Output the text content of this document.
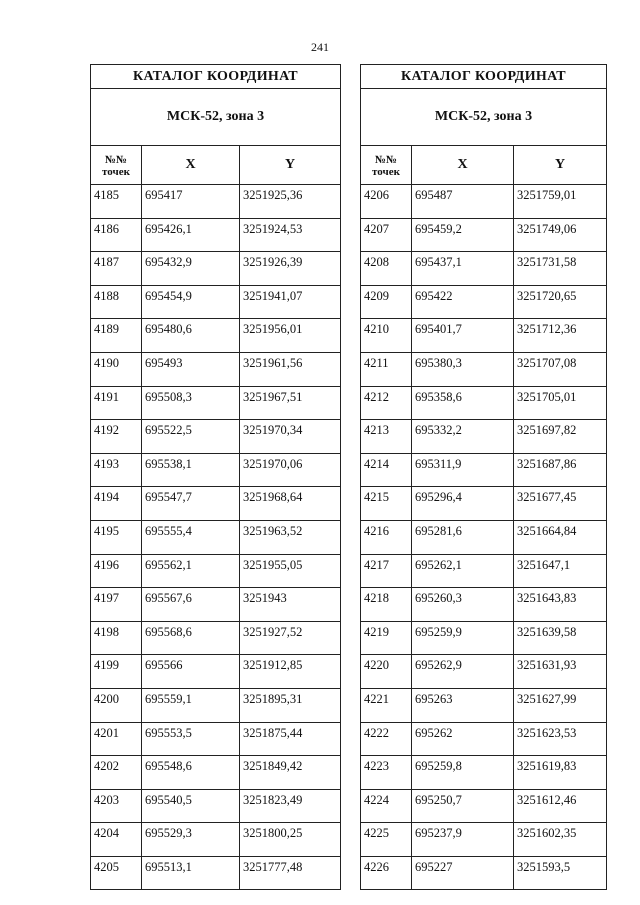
241
КАТАЛОГ КООРДИНАТ		
МСК-52, зона 3		
№№ точек	X	Y
4185	695417	3251925,36
4186	695426,1	3251924,53
4187	695432,9	3251926,39
4188	695454,9	3251941,07
4189	695480,6	3251956,01
4190	695493	3251961,56
4191	695508,3	3251967,51
4192	695522,5	3251970,34
4193	695538,1	3251970,06
4194	695547,7	3251968,64
4195	695555,4	3251963,52
4196	695562,1	3251955,05
4197	695567,6	3251943
4198	695568,6	3251927,52
4199	695566	3251912,85
4200	695559,1	3251895,31
4201	695553,5	3251875,44
4202	695548,6	3251849,42
4203	695540,5	3251823,49
4204	695529,3	3251800,25
4205	695513,1	3251777,48
КАТАЛОГ КООРДИНАТ		
МСК-52, зона 3		
№№ точек	X	Y
4206	695487	3251759,01
4207	695459,2	3251749,06
4208	695437,1	3251731,58
4209	695422	3251720,65
4210	695401,7	3251712,36
4211	695380,3	3251707,08
4212	695358,6	3251705,01
4213	695332,2	3251697,82
4214	695311,9	3251687,86
4215	695296,4	3251677,45
4216	695281,6	3251664,84
4217	695262,1	3251647,1
4218	695260,3	3251643,83
4219	695259,9	3251639,58
4220	695262,9	3251631,93
4221	695263	3251627,99
4222	695262	3251623,53
4223	695259,8	3251619,83
4224	695250,7	3251612,46
4225	695237,9	3251602,35
4226	695227	3251593,5
